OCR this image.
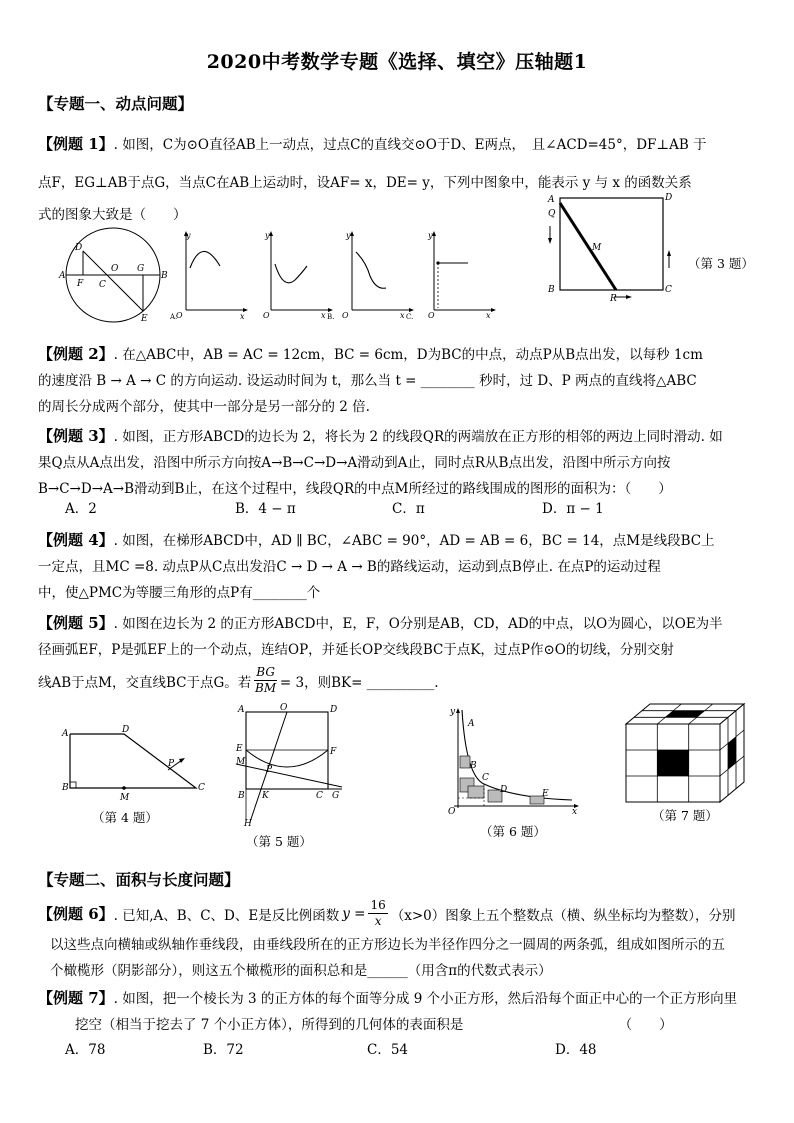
2020中考数学专题《选择、填空》压轴题1
【专题一、动点问题】
【例题 1】. 如图，C为⊙O直径AB上一动点，过点C的直线交⊙O于D、E两点，　且∠ACD=45°，DF⊥AB 于
点F，EG⊥AB于点G，当点C在AB上运动时，设AF= x，DE= y，下列中图象中，能表示 y 与 x 的函数关系
式的图象大致是（　　）
D
A
F C
O G
B
E
y
O	x
A.
y
O	x B.
y
O	x C.
y
O	x
Q
A	D
M
B
R
C
（第 3 题）
【例题 2】. 在△ABC中，AB = AC = 12cm，BC = 6cm，D为BC的中点，动点P从B点出发，以每秒 1cm
的速度沿 B → A → C 的方向运动. 设运动时间为 t，那么当 t = ________ 秒时，过 D、P 两点的直线将△ABC
的周长分成两个部分，使其中一部分是另一部分的 2 倍.
【例题 3】. 如图，正方形ABCD的边长为 2，将长为 2 的线段QR的两端放在正方形的相邻的两边上同时滑动. 如
果Q点从A点出发，沿图中所示方向按A→B→C→D→A滑动到A止，同时点R从B点出发，沿图中所示方向按
B→C→D→A→B滑动到B止，在这个过程中，线段QR的中点M所经过的路线围成的图形的面积为：（　　）
A．2	B．4 − π	C．π	D．π − 1
【例题 4】. 如图，在梯形ABCD中，AD ∥ BC，∠ABC = 90°，AD = AB = 6，BC = 14，点M是线段BC上
一定点，且MC =8. 动点P从C点出发沿C → D → A → B的路线运动，运动到点B停止. 在点P的运动过程
中，使△PMC为等腰三角形的点P有________个
【例题 5】. 如图在边长为 2 的正方形ABCD中，E，F，O分别是AB，CD，AD的中点，以O为圆心，以OE为半
径画弧EF，P是弧EF上的一个动点，连结OP，并延长OP交线段BC于点K，过点P作⊙O的切线，分别交射
线AB于点M，交直线BC于点G。若 $\frac{BG}{BM} = 3$，则BK= __________.
A	D
P
B
M
C
（第 4 题）
A	O	D
E
M
F
P
B K	C G
H
（第 5 题）
y
A
B
C
D	E
O	x
（第 6 题）
（第 7 题）
【专题二、面积与长度问题】
【例题 6】 . 已知,A、B、C、D、E是反比例函数 $y = \frac{16}{x} (x>0)$图象上五个整数点（横、纵坐标均为整数），分别
以这些点向横轴或纵轴作垂线段，由垂线段所在的正方形边长为半径作四分之一圆周的两条弧，组成如图所示的五
个橄榄形（阴影部分），则这五个橄榄形的面积总和是______（用含π的代数式表示）
【例题 7】. 如图，把一个棱长为 3 的正方体的每个面等分成 9 个小正方形，然后沿每个面正中心的一个正方形向里
挖空（相当于挖去了 7 个小正方体），所得到的几何体的表面积是　　　　　　　　　　　　（　　）
A．78	B．72	C．54	D．48
